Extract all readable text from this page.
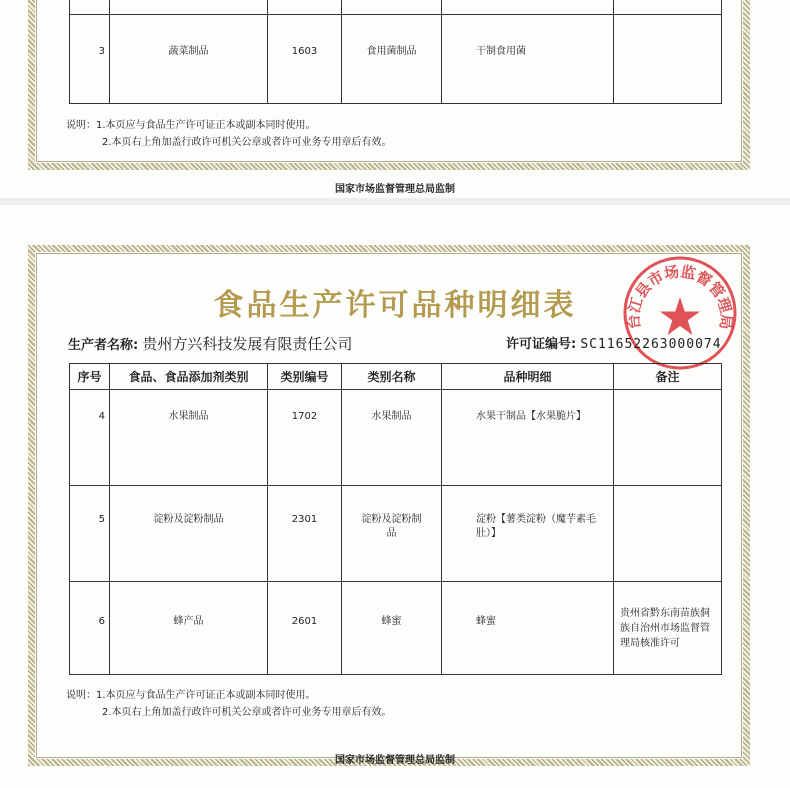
3	蔬菜制品	1603	食用菌制品	干制食用菌	

说明：1.本页应与食品生产许可证正本或副本同时使用。
2.本页右上角加盖行政许可机关公章或者许可业务专用章后有效。
国家市场监督管理总局监制
食品生产许可品种明细表	台江县市场监督管理局
生产者名称: 贵州方兴科技发展有限责任公司	许可证编号: SC11652263000074
序号	食品、食品添加剂类别	类别编号	类别名称	品种明细	备注

4	水果制品	1702	水果制品	水果干制品【水果脆片】	

5	淀粉及淀粉制品	2301	淀粉及淀粉制品	淀粉【薯类淀粉（魔芋素毛肚）】	

6	蜂产品	2601	蜂蜜	蜂蜜	贵州省黔东南苗族侗族自治州市场监督管理局核准许可
说明：1.本页应与食品生产许可证正本或副本同时使用。
2.本页右上角加盖行政许可机关公章或者许可业务专用章后有效。
国家市场监督管理总局监制
